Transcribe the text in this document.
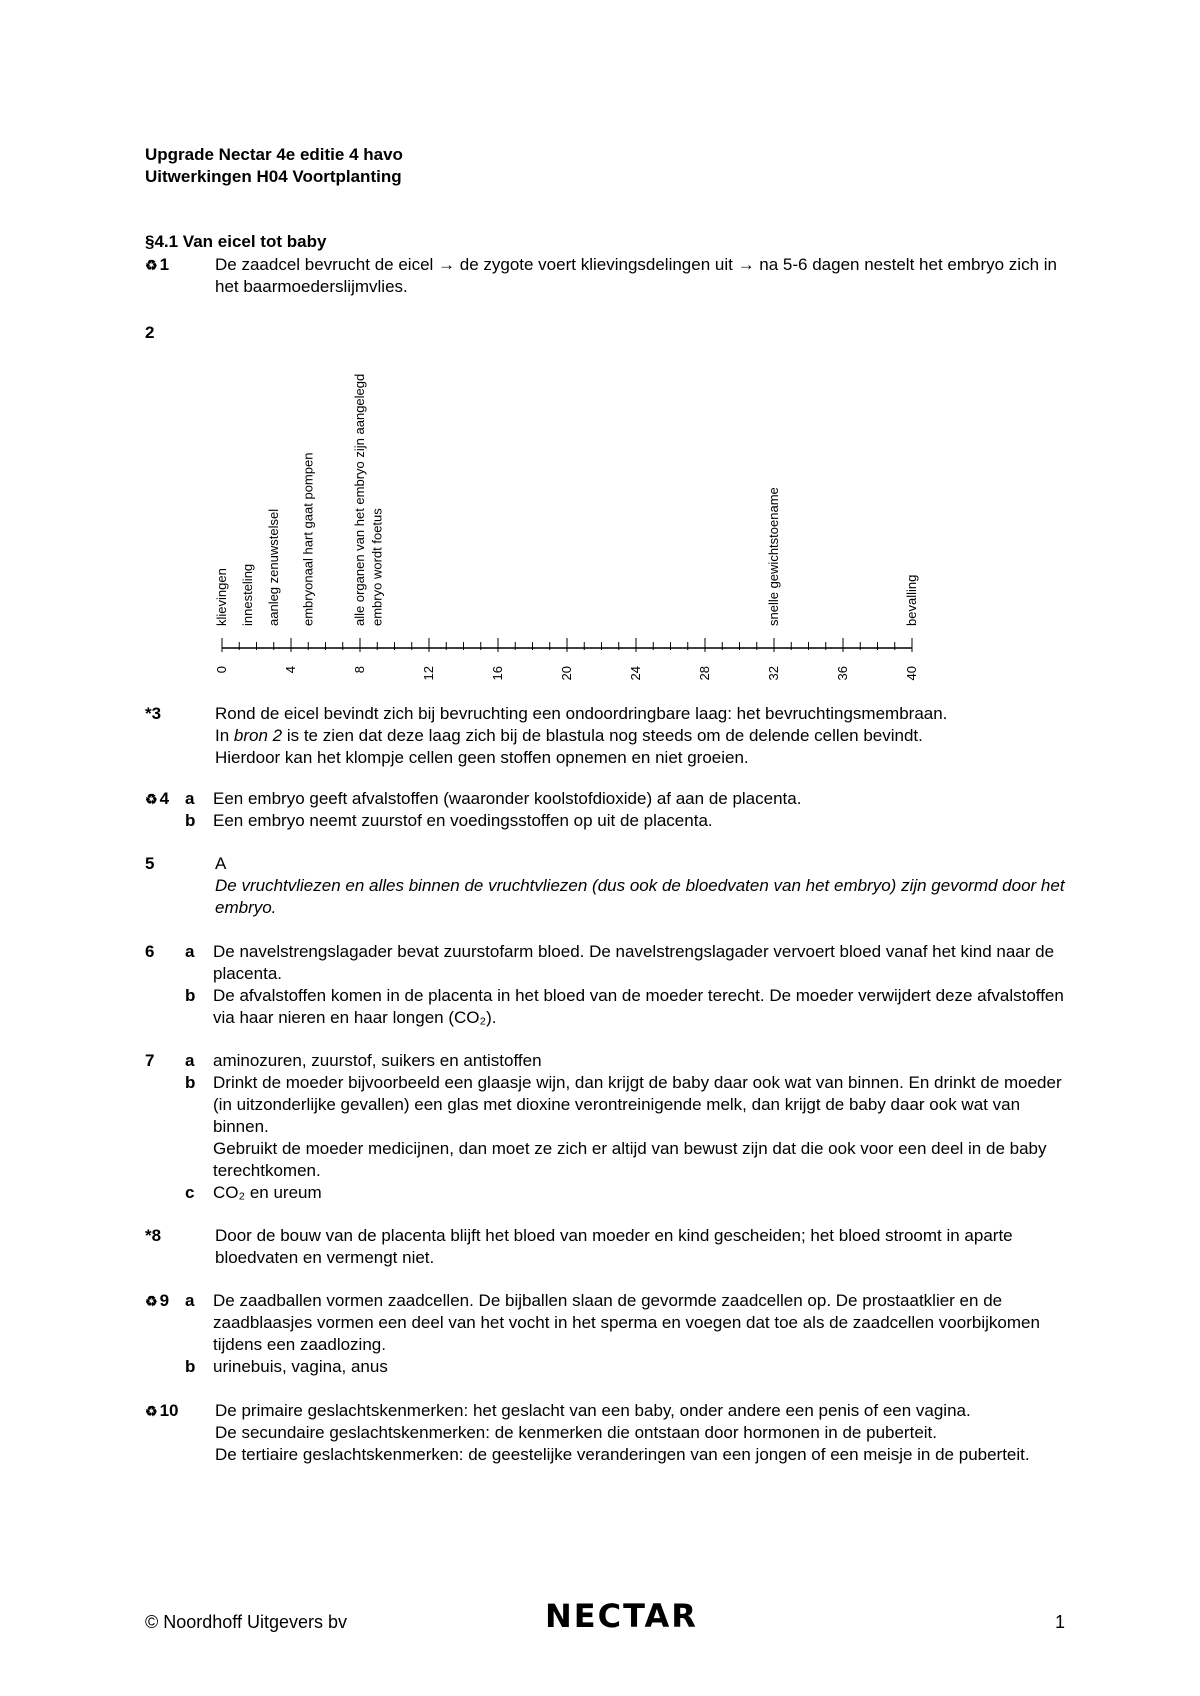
Upgrade Nectar 4e editie 4 havo
Uitwerkingen H04 Voortplanting
§4.1 Van eicel tot baby
♻ 1	De zaadcel bevrucht de eicel → de zygote voert klievingsdelingen uit → na 5-6 dagen nestelt het embryo zich in het baarmoederslijmvlies.
2
0	4	8	12	16	20	24	28	32	36	40
klievingen innesteling aanleg zenuwstelsel embryonaal hart gaat pompen	alle organen van het embryo zijn aangelegd embryo wordt foetus	snelle gewichtstoename	bevalling
*3	Rond de eicel bevindt zich bij bevruchting een ondoordringbare laag: het bevruchtingsmembraan.
In bron 2 is te zien dat deze laag zich bij de blastula nog steeds om de delende cellen bevindt.
Hierdoor kan het klompje cellen geen stoffen opnemen en niet groeien.
♻ 4 a	Een embryo geeft afvalstoffen (waaronder koolstofdioxide) af aan de placenta.
b	Een embryo neemt zuurstof en voedingsstoffen op uit de placenta.
5	A
De vruchtvliezen en alles binnen de vruchtvliezen (dus ook de bloedvaten van het embryo) zijn gevormd door het embryo.
6	a	De navelstrengslagader bevat zuurstofarm bloed. De navelstrengslagader vervoert bloed vanaf het kind naar de placenta.
b	De afvalstoffen komen in de placenta in het bloed van de moeder terecht. De moeder verwijdert deze afvalstoffen via haar nieren en haar longen (CO₂).
7	a	aminozuren, zuurstof, suikers en antistoffen
b	Drinkt de moeder bijvoorbeeld een glaasje wijn, dan krijgt de baby daar ook wat van binnen. En drinkt de moeder (in uitzonderlijke gevallen) een glas met dioxine verontreinigende melk, dan krijgt de baby daar ook wat van binnen.
Gebruikt de moeder medicijnen, dan moet ze zich er altijd van bewust zijn dat die ook voor een deel in de baby terechtkomen.
c	CO₂ en ureum
*8	Door de bouw van de placenta blijft het bloed van moeder en kind gescheiden; het bloed stroomt in aparte bloedvaten en vermengt niet.
♻ 9 a	De zaadballen vormen zaadcellen. De bijballen slaan de gevormde zaadcellen op. De prostaatklier en de zaadblaasjes vormen een deel van het vocht in het sperma en voegen dat toe als de zaadcellen voorbijkomen tijdens een zaadlozing.
b	urinebuis, vagina, anus
♻ 10	De primaire geslachtskenmerken: het geslacht van een baby, onder andere een penis of een vagina.
De secundaire geslachtskenmerken: de kenmerken die ontstaan door hormonen in de puberteit.
De tertiaire geslachtskenmerken: de geestelijke veranderingen van een jongen of een meisje in de puberteit.
© Noordhoff Uitgevers bv	NECTAR	1
